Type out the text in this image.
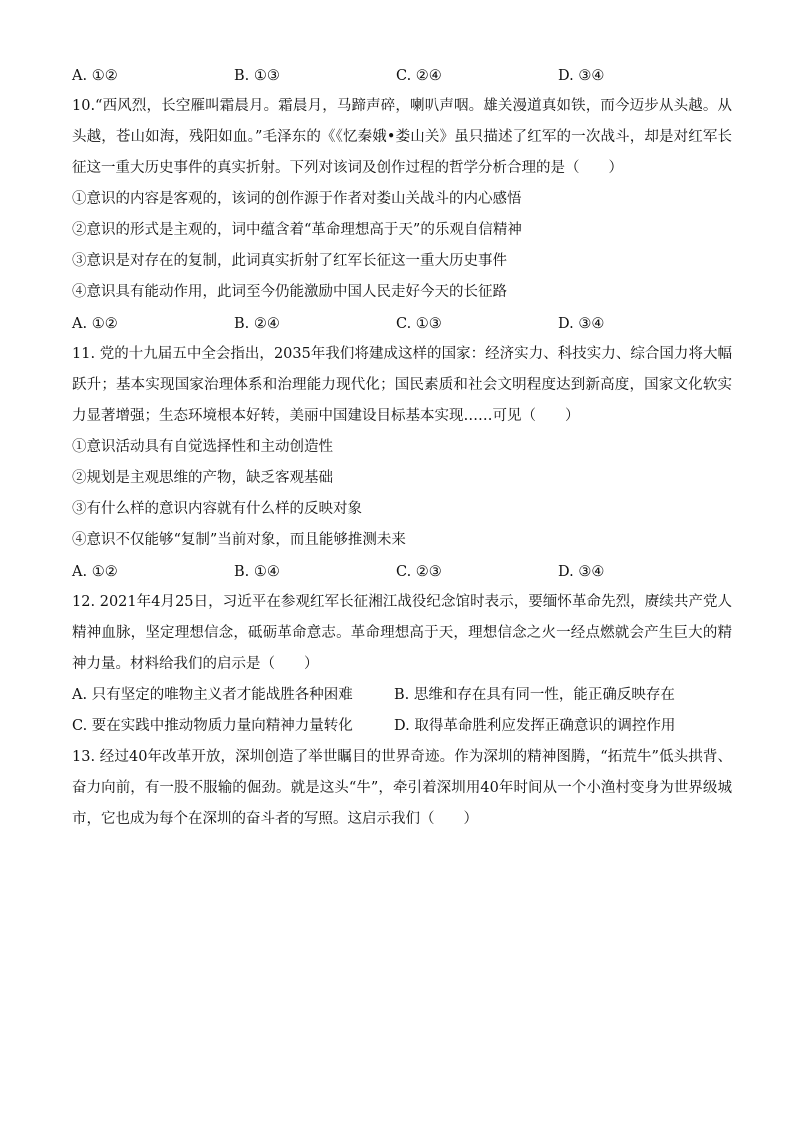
A. ①②	B. ①③	C. ②④	D. ③④
10.“西风烈，长空雁叫霜晨月。霜晨月，马蹄声碎，喇叭声咽。雄关漫道真如铁，而今迈步从头越。从头越，苍山如海，残阳如血。”毛泽东的《《忆秦娥•娄山关》虽只描述了红军的一次战斗，却是对红军长征这一重大历史事件的真实折射。下列对该词及创作过程的哲学分析合理的是（　　）
①意识的内容是客观的，该词的创作源于作者对娄山关战斗的内心感悟
②意识的形式是主观的，词中蕴含着“革命理想高于天”的乐观自信精神
③意识是对存在的复制，此词真实折射了红军长征这一重大历史事件
④意识具有能动作用，此词至今仍能激励中国人民走好今天的长征路
A. ①②	B. ②④	C. ①③	D. ③④
11. 党的十九届五中全会指出，2035年我们将建成这样的国家：经济实力、科技实力、综合国力将大幅跃升；基本实现国家治理体系和治理能力现代化；国民素质和社会文明程度达到新高度，国家文化软实力显著增强；生态环境根本好转，美丽中国建设目标基本实现……可见（　　）
①意识活动具有自觉选择性和主动创造性
②规划是主观思维的产物，缺乏客观基础
③有什么样的意识内容就有什么样的反映对象
④意识不仅能够“复制”当前对象，而且能够推测未来
A. ①②	B. ①④	C. ②③	D. ③④
12. 2021年4月25日，习近平在参观红军长征湘江战役纪念馆时表示，要缅怀革命先烈，赓续共产党人精神血脉，坚定理想信念，砥砺革命意志。革命理想高于天，理想信念之火一经点燃就会产生巨大的精神力量。材料给我们的启示是（　　）
A. 只有坚定的唯物主义者才能战胜各种困难	B. 思维和存在具有同一性，能正确反映存在
C. 要在实践中推动物质力量向精神力量转化	D. 取得革命胜利应发挥正确意识的调控作用
13. 经过40年改革开放，深圳创造了举世瞩目的世界奇迹。作为深圳的精神图腾，“拓荒牛”低头拱背、奋力向前，有一股不服输的倔劲。就是这头“牛”，牵引着深圳用40年时间从一个小渔村变身为世界级城市，它也成为每个在深圳的奋斗者的写照。这启示我们（　　）
